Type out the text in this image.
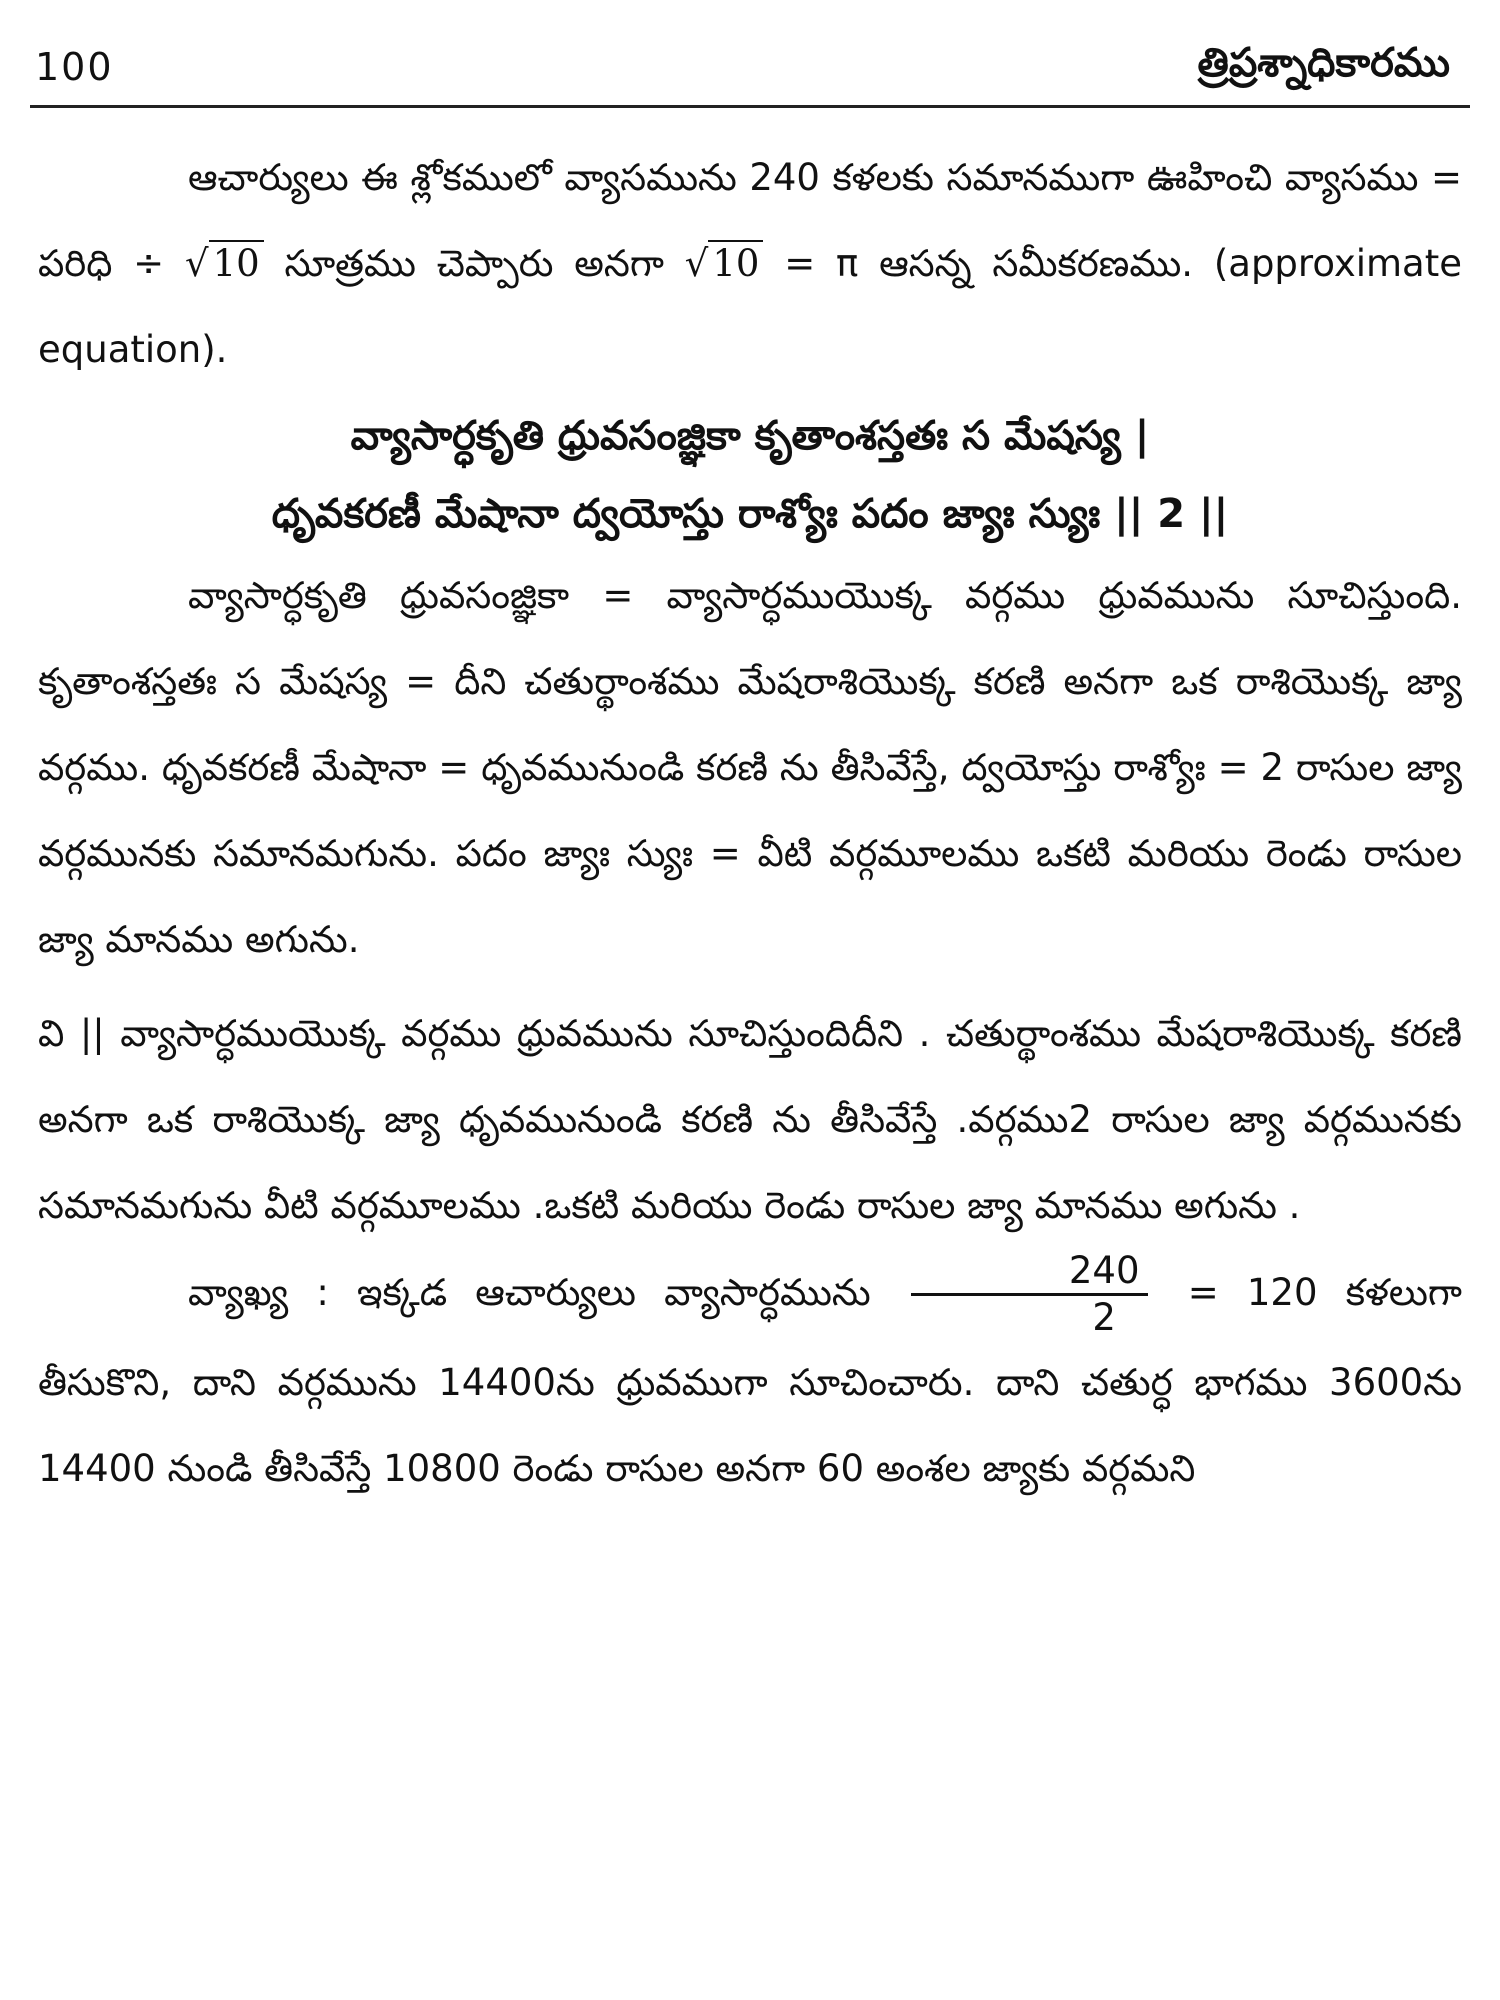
100	త్రిప్రశ్నాధికారము

ఆచార్యులు ఈ శ్లోకములో వ్యాసమును 240 కళలకు సమానముగా ఊహించి వ్యాసము = పరిధి ÷ √ 10 సూత్రము చెప్పారు అనగా √ 10 = π ఆసన్న సమీకరణము. (approximate equation).

వ్యాసార్ధకృతి ధ్రువసంజ్ఞికా కృతాంశస్తతః స మేషస్య |
ధృవకరణీ మేషానా ద్వయోస్తు రాశ్యోః పదం జ్యాః స్యుః || 2 ||

వ్యాసార్ధకృతి ధ్రువసంజ్ఞికా = వ్యాసార్ధముయొక్క వర్గము ధ్రువమును సూచిస్తుంది. కృతాంశస్తతః స మేషస్య = దీని చతుర్థాంశము మేషరాశియొక్క కరణి అనగా ఒక రాశియొక్క జ్యా వర్గము. ధృవకరణీ మేషానా = ధృవమునుండి కరణి ను తీసివేస్తే, ద్వయోస్తు రాశ్యోః = 2 రాసుల జ్యా వర్గమునకు సమానమగును. పదం జ్యాః స్యుః = వీటి వర్గమూలము ఒకటి మరియు రెండు రాసుల జ్యా మానము అగును.

వి || వ్యాసార్ధముయొక్క వర్గము ధ్రువమును సూచిస్తుందిదీని . చతుర్థాంశము మేషరాశియొక్క కరణి అనగా ఒక రాశియొక్క జ్యా ధృవమునుండి కరణి ను తీసివేస్తే .వర్గము2 రాసుల జ్యా వర్గమునకు సమానమగును వీటి వర్గమూలము .ఒకటి మరియు రెండు రాసుల జ్యా మానము అగును .

వ్యాఖ్య : ఇక్కడ ఆచార్యులు వ్యాసార్ధమును $\frac{240}{2} = 120$ కళలుగా తీసుకొని, దాని వర్గమును 14400ను ధ్రువముగా సూచించారు. దాని చతుర్ధ భాగము 3600ను 14400 నుండి తీసివేస్తే 10800 రెండు రాసుల అనగా 60 అంశల జ్యాకు వర్గమని
